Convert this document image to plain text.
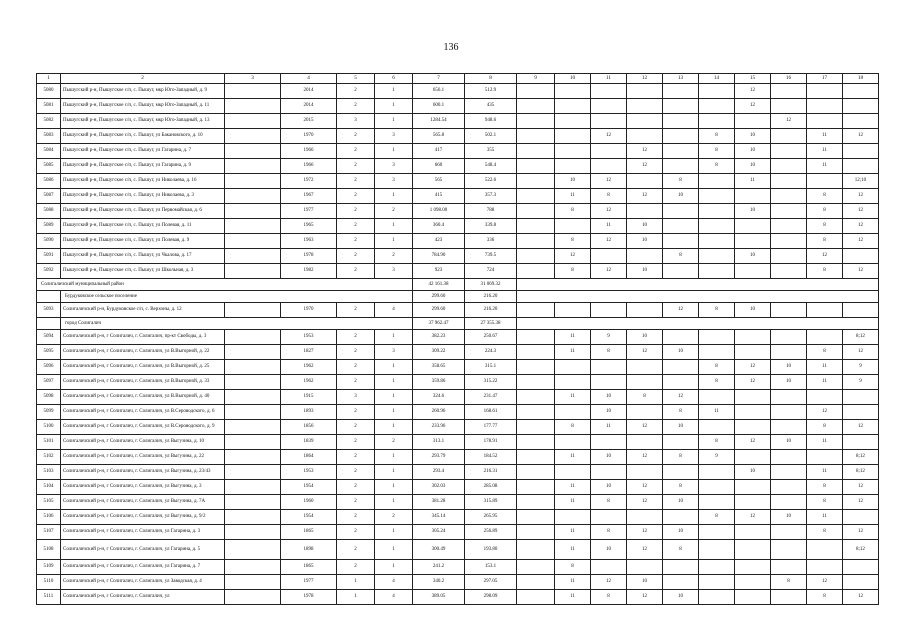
136
1	2	3	4	5	6	7	8	9	10	11	12	13	14	15	16	17	18
5080	Пышугский р-н, Пышугское с/п, с. Пышуг, мкр Юго-Западный, д. 9		2014	2	1	656.1	512.9							12			
5081	Пышугский р-н, Пышугское с/п, с. Пышуг, мкр Юго-Западный, д. 11		2014	2	1	600.1	435							12			
5082	Пышугский р-н, Пышугское с/п, с. Пышуг, мкр Юго-Западный, д. 13		2015	3	1	1284.54	948.6								12		
5083	Пышугский р-н, Пышугское с/п, с. Пышуг, ул Бакановского, д. 10		1970	2	3	565.8	502.1			12			8	10		11	12
5084	Пышугский р-н, Пышугское с/п, с. Пышуг, ул Гагарина, д. 7		1966	2	1	417	355				12		8	10		11	
5085	Пышугский р-н, Пышугское с/п, с. Пышуг, ул Гагарина, д. 9		1966	2	3	660	548.4				12		8	10		11	
5086	Пышугский р-н, Пышугское с/п, с. Пышуг, ул Николаева, д. 16		1972	2	3	565	522.6		10	12		8		11			12;10
5087	Пышугский р-н, Пышугское с/п, с. Пышуг, ул Николаева, д. 3		1967	2	1	415	357.3		11	8	12	10				8	12
5088	Пышугский р-н, Пышугское с/п, с. Пышуг, ул Первомайская, д. 6		1977	2	2	1 098.00	788		8	12				10		8	12
5089	Пышугский р-н, Пышугское с/п, с. Пышуг, ул Полевая, д. 11		1965	2	1	360.4	339.8			11	10					8	12
5090	Пышугский р-н, Пышугское с/п, с. Пышуг, ул Полевая, д. 9		1963	2	1	423	336		8	12	10					8	12
5091	Пышугский р-н, Пышугское с/п, с. Пышуг, ул Чкалова, д. 17		1978	2	2	784.90	739.5		12			8		10		12	
5092	Пышугский р-н, Пышугское с/п, с. Пышуг, ул Школьная, д. 3		1982	2	3	923	724		8	12	10					8	12
Солигаличский муниципальный район						42 161.38	31 069.32										
	Бурдуковское сельское поселение					299.60	216.20										
5093	Солигаличский р-н, Бурдуковское с/п, с. Верхоны, д. 12		1970	2	4	299.60	216.20					12	8	10			
	город Солигалич					37 962.47	27 355.38										
5094	Солигаличский р-н, г Солигалич, г. Солигалич, пр-кт Свободы, д. 3		1953	2	1	382.23	250.67		11	9	10						8;12
5095	Солигаличский р-н, г Солигалич, г. Солигалич, ул В.Выгорной, д. 22		1827	2	3	309.22	224.3		11	8	12	10				8	12
5096	Солигаличский р-н, г Солигалич, г. Солигалич, ул В.Выгорной, д. 25		1962	2	1	358.65	315.1						8	12	10	11	9
5097	Солигаличский р-н, г Солигалич, г. Солигалич, ул В.Выгорной, д. 33		1962	2	1	359.86	315.22						8	12	10	11	9
5098	Солигаличский р-н, г Солигалич, г. Солигалич, ул В.Выгорной, д. 40		1915	3	1	324.6	231.47		11	10	8	12					
5099	Солигаличский р-н, г Солигалич, г. Солигалич, ул В.Сероводского, д. 6		1893	2	1	260.96	168.61			10		8	11			12	
5100	Солигаличский р-н, г Солигалич, г. Солигалич, ул В.Сероводского, д. 9		1856	2	1	233.96	177.77		8	11	12	10				8	12
5101	Солигаличский р-н, г Солигалич, г. Солигалич, ул Выгузина, д. 10		1839	2	2	313.1	178.91						8	12	10	11	
5102	Солигаличский р-н, г Солигалич, г. Солигалич, ул Выгузина, д. 22		1864	2	1	293.79	184.52		11	10	12	8	9				8;12
5103	Солигаличский р-н, г Солигалич, г. Солигалич, ул Выгузина, д. 23/43		1953	2	1	293.4	216.31							10		11	8;12
5104	Солигаличский р-н, г Солигалич, г. Солигалич, ул Выгузина, д. 3		1954	2	1	302.03	285.08		11	10	12	8				8	12
5105	Солигаличский р-н, г Солигалич, г. Солигалич, ул Выгузина, д. 7А		1960	2	1	381.28	315.89		11	8	12	10				8	12
5106	Солигаличский р-н, г Солигалич, г. Солигалич, ул Выгузина, д. 9/2		1954	2	2	345.14	265.95						8	12	10	11	
5107	Солигаличский р-н, г Солигалич, г. Солигалич, ул Гагарина, д. 3		1865	2	1	305.24	256.89		11	8	12	10				8	12
5108	Солигаличский р-н, г Солигалич, г. Солигалич, ул Гагарина, д. 5		1898	2	1	300.49	193.80		11	10	12	8					8;12
5109	Солигаличский р-н, г Солигалич, г. Солигалич, ул Гагарина, д. 7		1865	2	1	241.2	153.1		8								
5110	Солигаличский р-н, г Солигалич, г. Солигалич, ул Заводская, д. 4		1977	1	4	340.2	297.05		11	12	10				8	12	
5111	Солигаличский р-н, г Солигалич, г. Солигалич, ул		1978	1	4	389.05	298.09		11	8	12	10				8	12
